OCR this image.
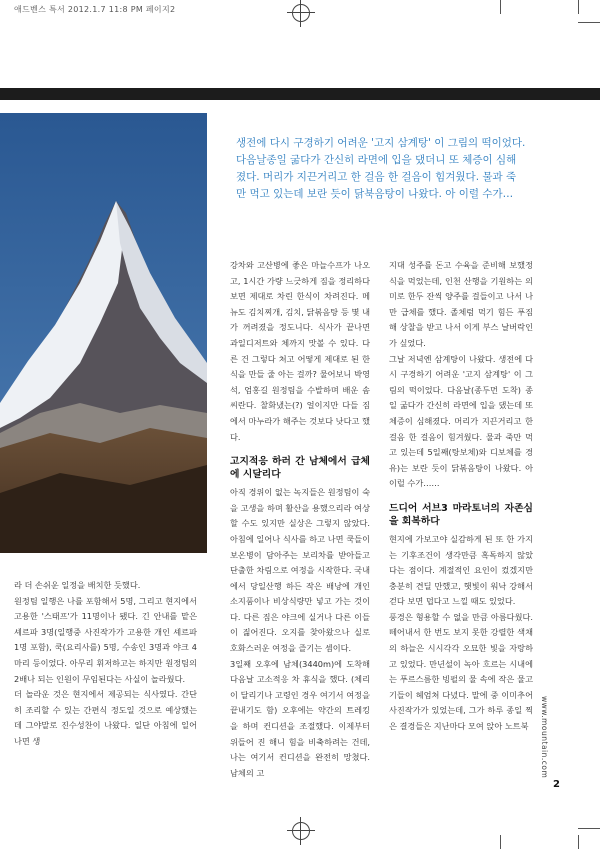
애드벤스 특서 2012.1.7 11:8 PM 페이지2
생전에 다시 구경하기 어려운 '고지 삼계탕' 이 그림의 떡이었다. 다음날종일 굶다가 간신히 라면에 입을 댔더니 또 체증이 심해졌다. 머리가 지끈거리고 한 걸음 한 걸음이 힘겨웠다. 물과 죽만 먹고 있는데 보란 듯이 닭북음탕이 나왔다. 아 이럴 수가…

라 더 손쉬운 일정을 배치한 듯했다.

원정팀 일행은 나를 포함해서 5명, 그리고 현지에서 고용한 '스태프'가 11명이나 됐다. 긴 안내를 맡은 셰르파 3명(일행중 사진작가가 고용한 개인 셰르파 1명 포함), 쿡(요리사를) 5명, 수송인 3명과 야크 4마리 등이었다. 아무리 휘저하고는 하지만 원정팀의 2배나 되는 인원이 무임된다는 사실이 놀라웠다.

더 놀라운 것은 현지에서 제공되는 식사였다. 간단히 조리할 수 있는 간편식 정도일 것으로 예상했는데 그야말로 진수성찬이 나왔다. 일단 아침에 일어나면 생

강차와 고산병에 좋은 마늘수프가 나오고, 1시간 가량 느긋하게 짐을 정리하다보면 제대로 차린 한식이 차려진다. 메뉴도 김치찌개, 김치, 닭볶음탕 등 몇 내가 꺼려졌을 정도니다. 식사가 끝나면 과일디저트와 체까지 맛볼 수 있다. 다른 건 그렇다 쳐고 어떻게 제대로 된 한식을 만들 줄 아는 걸까? 물어보니 박영석, 엄홍길 원정팀을 수발하며 배운 솜씨란다. 찰화냈는(?) 얼이지만 다들 짐에서 마누라가 해주는 것보다 낫다고 했다.

고지적응 하러 간 남체에서 급체에 시달리다

아직 경위이 없는 녹지들은 원정팀이 숙을 고생을 하며 활산을 용했으리라 여상할 수도 있지만 실상은 그렇지 않았다. 아침에 일어나 식사를 하고 나면 쿡들이 보온병이 담아주는 보리차를 받아들고 단출한 차림으로 여정을 시작한다. 국내에서 당일산행 하든 작은 배낭에 개인 소지품이나 비상식량만 넣고 가는 것이다. 다른 짐은 야크에 실거나 다른 이들이 짊어진다. 오지를 찾아왔으나 실로 호화스러운 여정을 즐기는 셈이다.

3일째 오후에 남체(3440m)에 도착해 다음날 고소적응 차 휴식을 했다. (체리이 달리기나 고령인 경우 여기서 여정을 끝내기도 함) 오후에는 약간의 트레킹을 하며 컨디션을 조절했다. 이제부터 위들어 진 해니 힘을 비축하려는 건데, 나는 여기서 컨디션을 완전히 망쳤다. 남체의 고

지대 성주를 돈고 수육을 준비해 보했정식을 먹었는데, 인천 산행을 기원하는 의미로 한두 잔씩 양주를 걸들이고 나서 나만 급체를 했다. 졸체럼 먹기 힘든 푸짐해 상찰을 받고 나서 이게 부스 날버락인가 싶었다.

그날 저녁엔 삼계탕이 나왔다. 생전에 다시 구경하기 어려운 '고지 삼계탕' 이 그림의 떡이었다. 다음날(종두먼 도착) 종일 굶다가 간신히 라면에 입을 댔는데 또 체증이 심해졌다. 머리가 지끈거리고 한 걸음 한 걸음이 힘겨웠다. 물과 죽만 먹고 있는데 5일째(탕보체)와 디보체를 경유)는 보란 듯이 닭볶음탕이 나왔다. 아 이럴 수가……

드디어 서브3 마라토너의 자존심을 회복하다

현지에 가보고야 실감하게 된 또 한 가지는 기후조건이 생각만큼 혹독하지 않았다는 점이다. 계절적인 요인이 컸겠지만 충분히 견딜 만했고, 햇빛이 워낙 강해서 걷다 보면 덥다고 느낄 때도 있었다.

풍경은 형용할 수 없을 만큼 아름다웠다. 떼어내서 한 번도 보지 못한 강렬한 색채의 하늘은 시시각각 오묘한 빛을 자랑하고 있었다. 만년설이 녹아 흐르는 시내에는 푸르스름한 빙펄의 물 속에 작은 물고기들이 헤엄쳐 다녔다. 말에 중 이미추어 사진작가가 있었는데, 그가 하루 종일 찍은 결경들은 지난마다 모여 앉아 노트북	www.mountain.com
2
